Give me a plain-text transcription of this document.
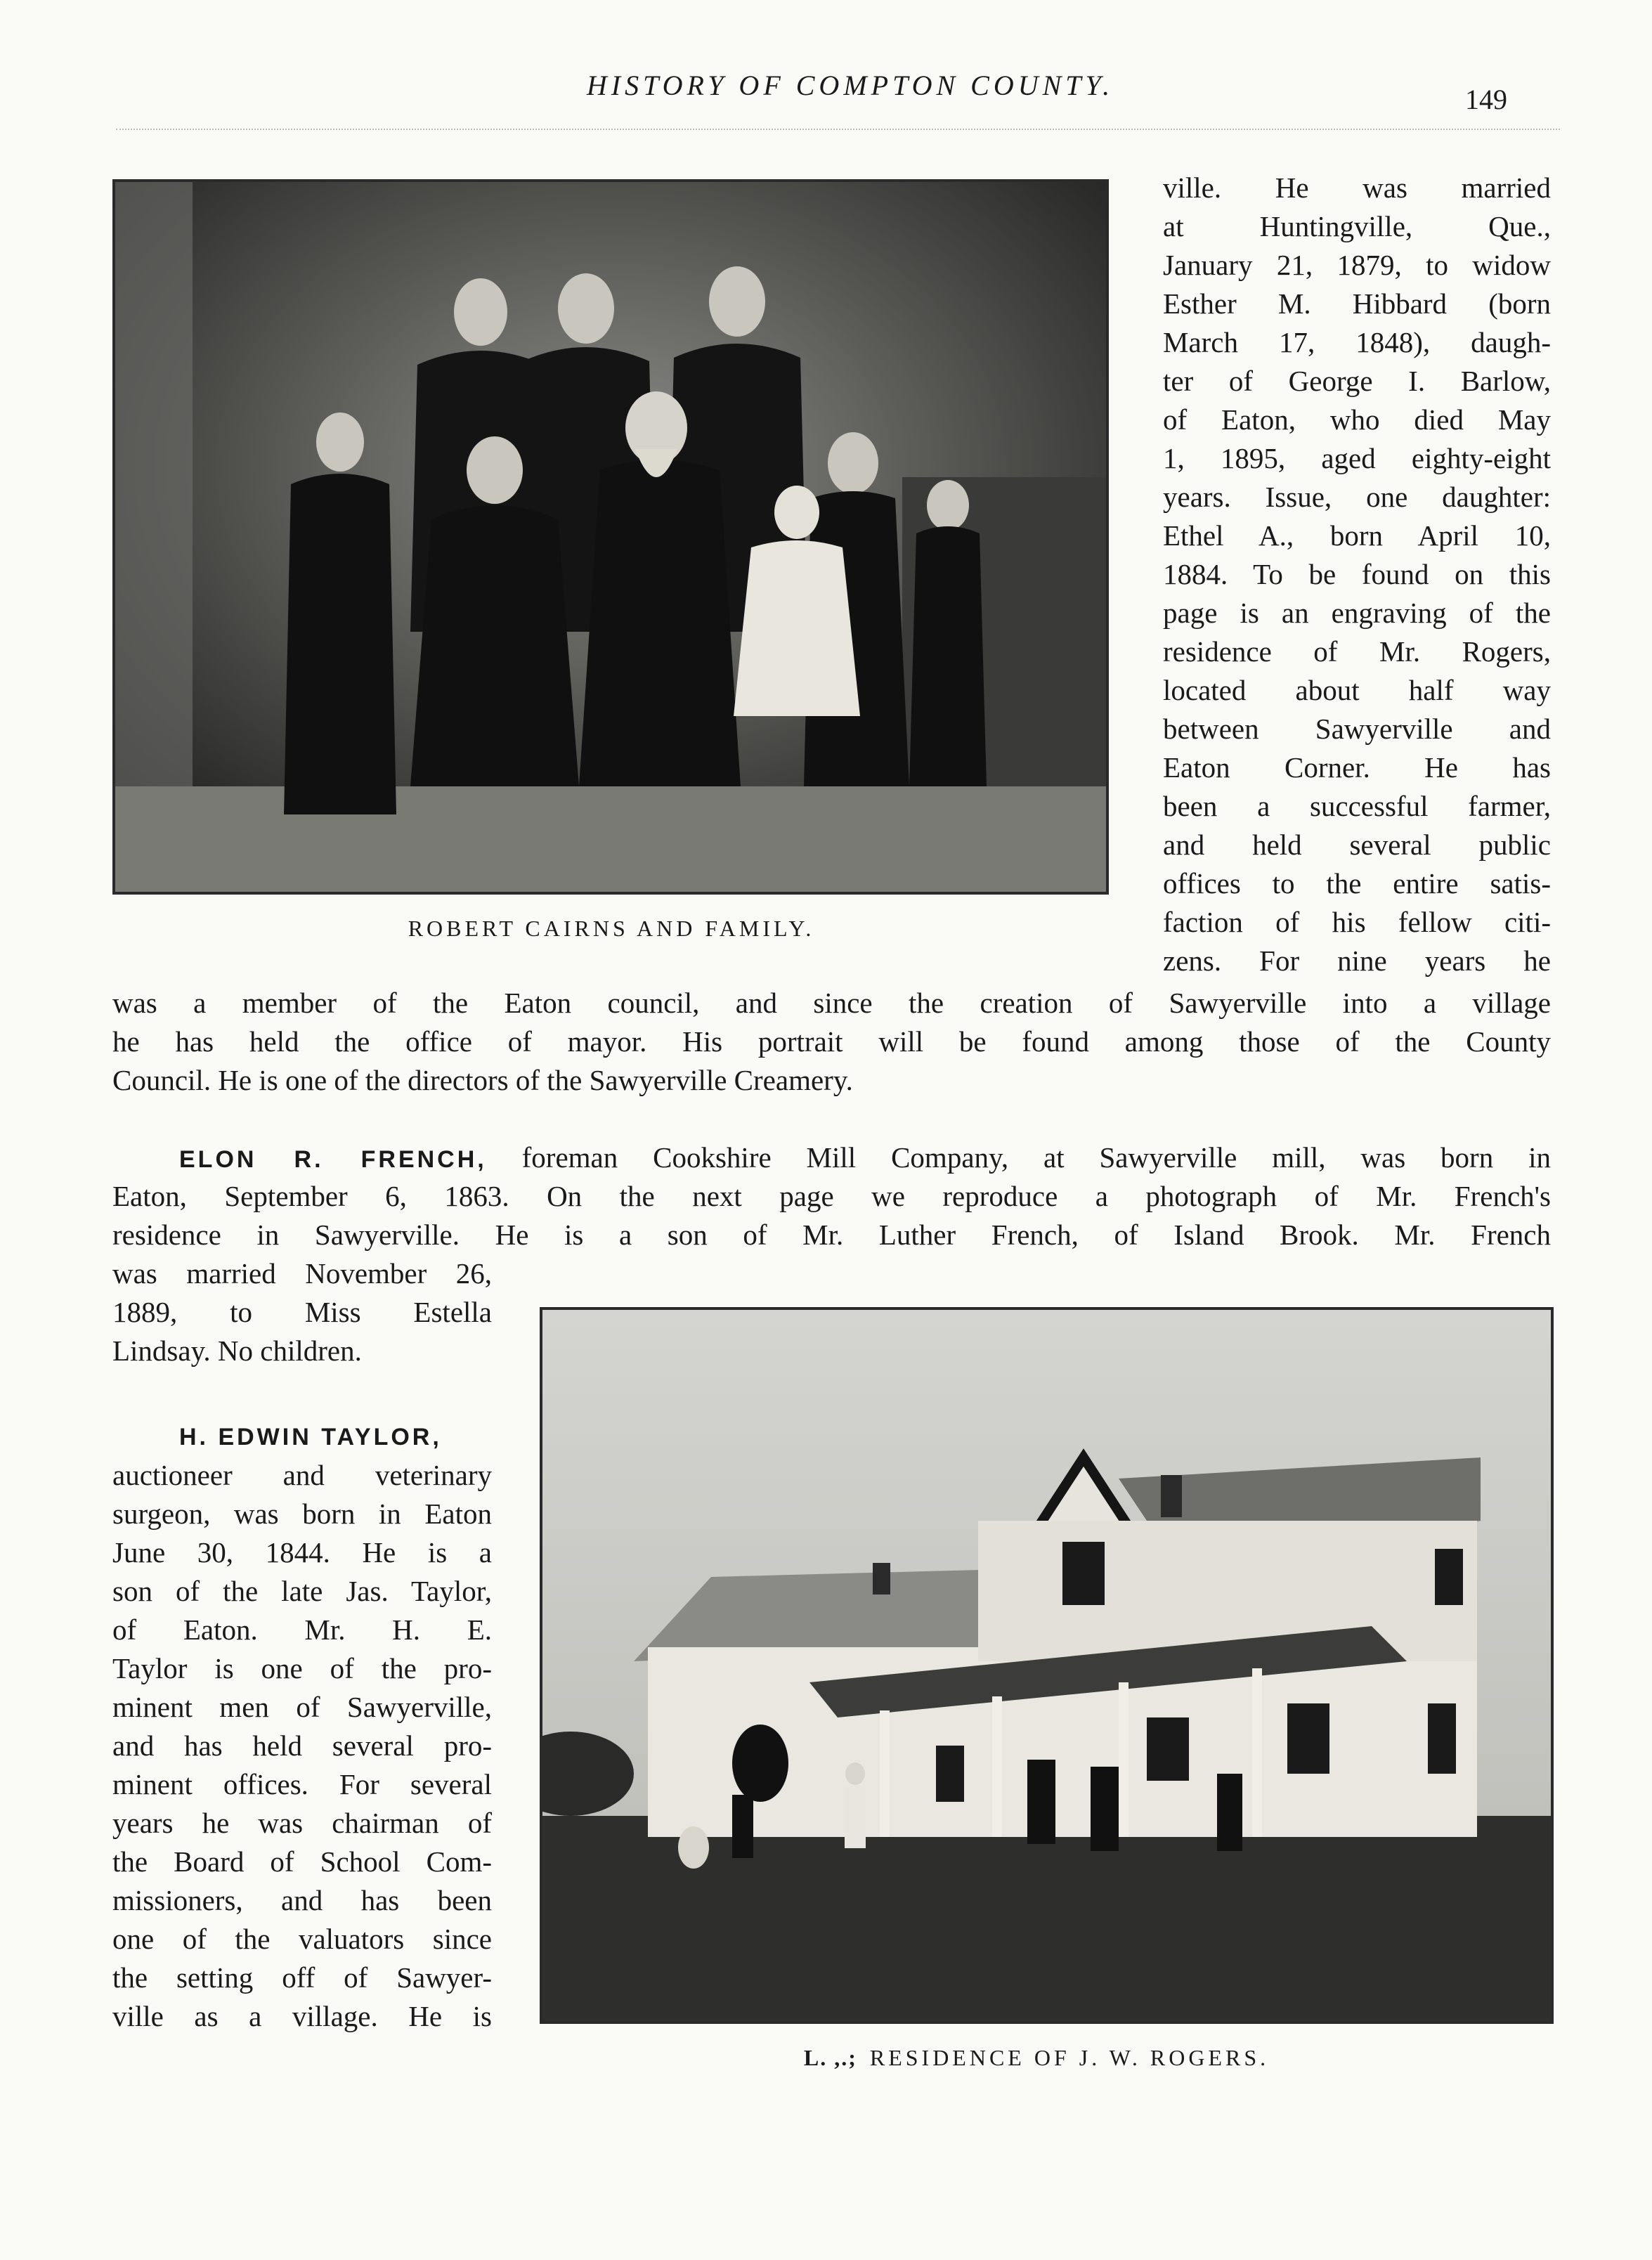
HISTORY OF COMPTON COUNTY.	149
ROBERT CAIRNS AND FAMILY.
ville. He was married
at Huntingville, Que.,
January 21, 1879, to widow
Esther M. Hibbard (born
March 17, 1848), daugh-
ter of George I. Barlow,
of Eaton, who died May
1, 1895, aged eighty-eight
years. Issue, one daughter:
Ethel A., born April 10,
1884. To be found on this
page is an engraving of the
residence of Mr. Rogers,
located about half way
between Sawyerville and
Eaton Corner. He has
been a successful farmer,
and held several public
offices to the entire satis-
faction of his fellow citi-
zens. For nine years he
was a member of the Eaton council, and since the creation of Sawyerville into a village
he has held the office of mayor. His portrait will be found among those of the County
Council. He is one of the directors of the Sawyerville Creamery.
ELON R. FRENCH, foreman Cookshire Mill Company, at Sawyerville mill, was born in
Eaton, September 6, 1863. On the next page we reproduce a photograph of Mr. French's
residence in Sawyerville. He is a son of Mr. Luther French, of Island Brook. Mr. French
was married November 26,
1889, to Miss Estella
Lindsay. No children.
H. EDWIN TAYLOR,
auctioneer and veterinary
surgeon, was born in Eaton
June 30, 1844. He is a
son of the late Jas. Taylor,
of Eaton. Mr. H. E.
Taylor is one of the pro-
minent men of Sawyerville,
and has held several pro-
minent offices. For several
years he was chairman of
the Board of School Com-
missioners, and has been
one of the valuators since
the setting off of Sawyer-
ville as a village. He is
L. ,.; RESIDENCE OF J. W. ROGERS.
